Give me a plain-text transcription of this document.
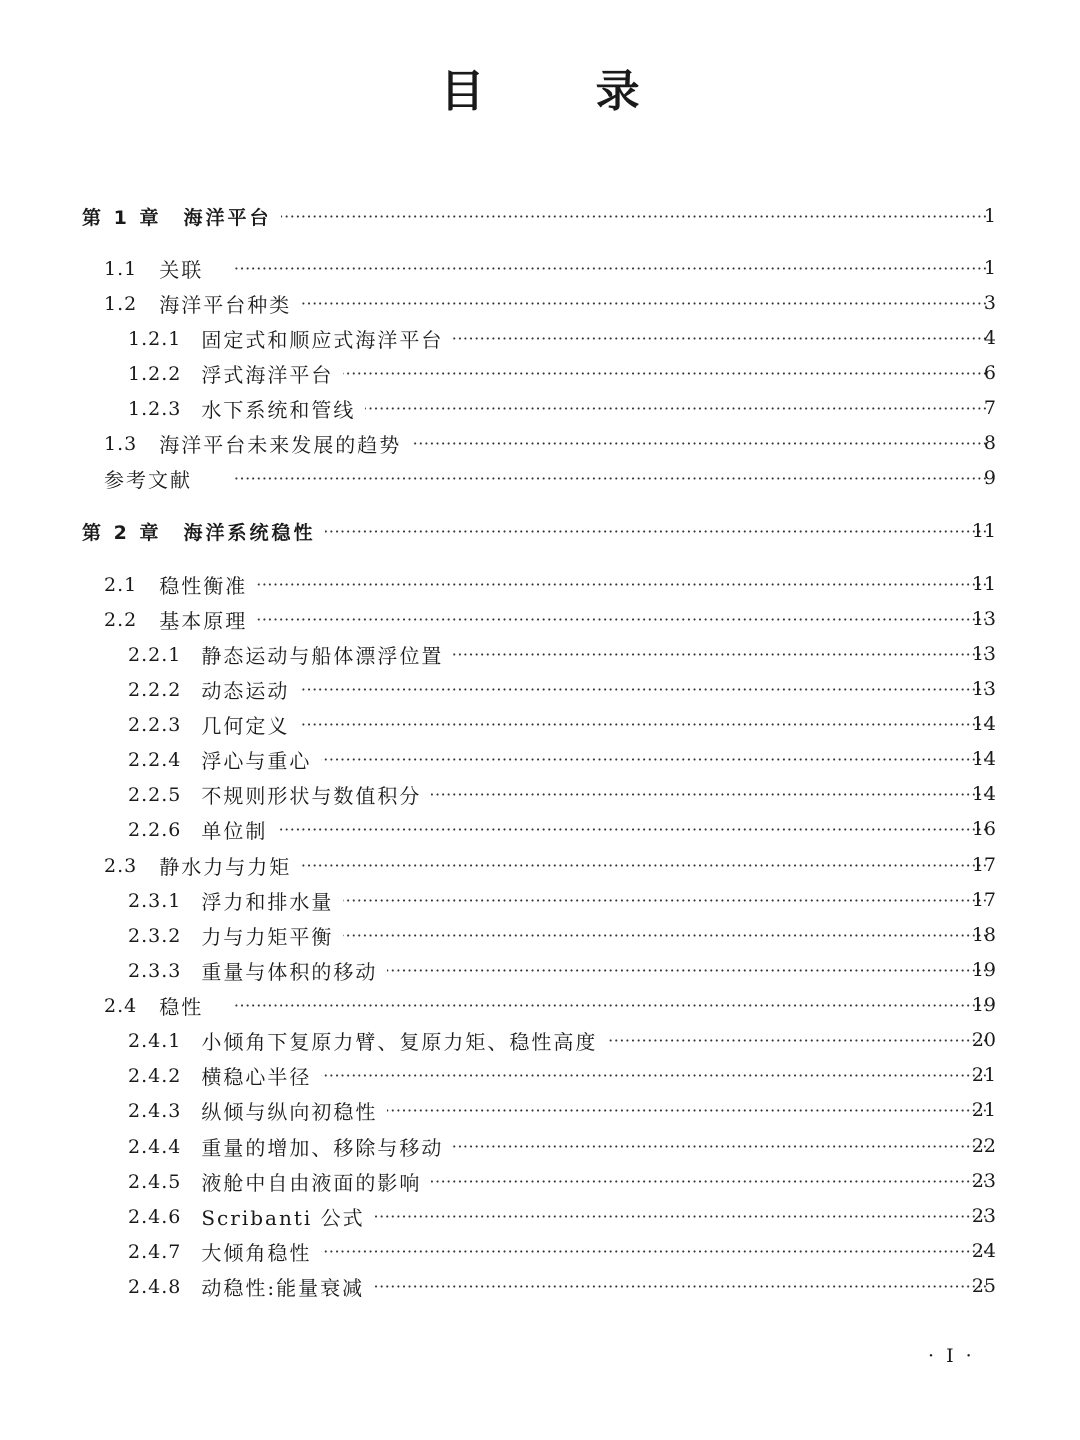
目 录
第 1 章 海洋平台 ·····	1
1.1 关联 ·····	1
1.2 海洋平台种类 ·····	3
1.2.1 固定式和顺应式海洋平台 ·····	4
1.2.2 浮式海洋平台 ·····	6
1.2.3 水下系统和管线 ·····	7
1.3 海洋平台未来发展的趋势 ·····	8
参考文献 ·····	9
第 2 章 海洋系统稳性 ·····	11
2.1 稳性衡准 ·····	11
2.2 基本原理 ·····	13
2.2.1 静态运动与船体漂浮位置 ·····	13
2.2.2 动态运动 ·····	13
2.2.3 几何定义 ·····	14
2.2.4 浮心与重心 ·····	14
2.2.5 不规则形状与数值积分 ·····	14
2.2.6 单位制 ·····	16
2.3 静水力与力矩 ·····	17
2.3.1 浮力和排水量 ·····	17
2.3.2 力与力矩平衡 ·····	18
2.3.3 重量与体积的移动 ·····	19
2.4 稳性 ·····	19
2.4.1 小倾角下复原力臂、复原力矩、稳性高度 ·····	20
2.4.2 横稳心半径 ·····	21
2.4.3 纵倾与纵向初稳性 ·····	21
2.4.4 重量的增加、移除与移动 ·····	22
2.4.5 液舱中自由液面的影响 ·····	23
2.4.6 Scribanti 公式 ·····	23
2.4.7 大倾角稳性 ·····	24
2.4.8 动稳性:能量衰减 ·····	25
· I ·
